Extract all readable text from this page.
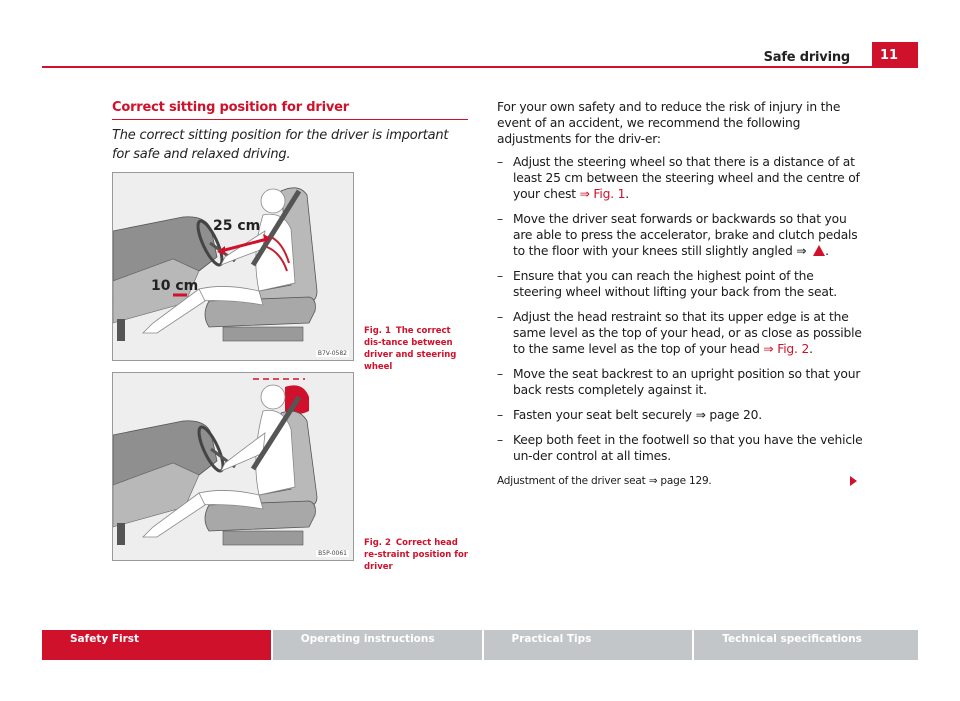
Safe driving	11
Correct sitting position for driver
The correct sitting position for the driver is important for safe and relaxed driving.
25 cm
10 cm
B7V-0582
Fig. 1 The correct dis-tance between driver and steering wheel
B5P-0061
Fig. 2 Correct head re-straint position for driver

For your own safety and to reduce the risk of injury in the event of an accident, we recommend the following adjustments for the driv-er:

– Adjust the steering wheel so that there is a distance of at least 25 cm between the steering wheel and the centre of your chest ⇒ Fig. 1.
– Move the driver seat forwards or backwards so that you are able to press the accelerator, brake and clutch pedals to the floor with your knees still slightly angled ⇒ .
– Ensure that you can reach the highest point of the steering wheel without lifting your back from the seat.
– Adjust the head restraint so that its upper edge is at the same level as the top of your head, or as close as possible to the same level as the top of your head ⇒ Fig. 2.
– Move the seat backrest to an upright position so that your back rests completely against it.
– Fasten your seat belt securely ⇒ page 20.
– Keep both feet in the footwell so that you have the vehicle un-der control at all times.

Adjustment of the driver seat ⇒ page 129.

Safety First	Operating instructions	Practical Tips	Technical specifications
